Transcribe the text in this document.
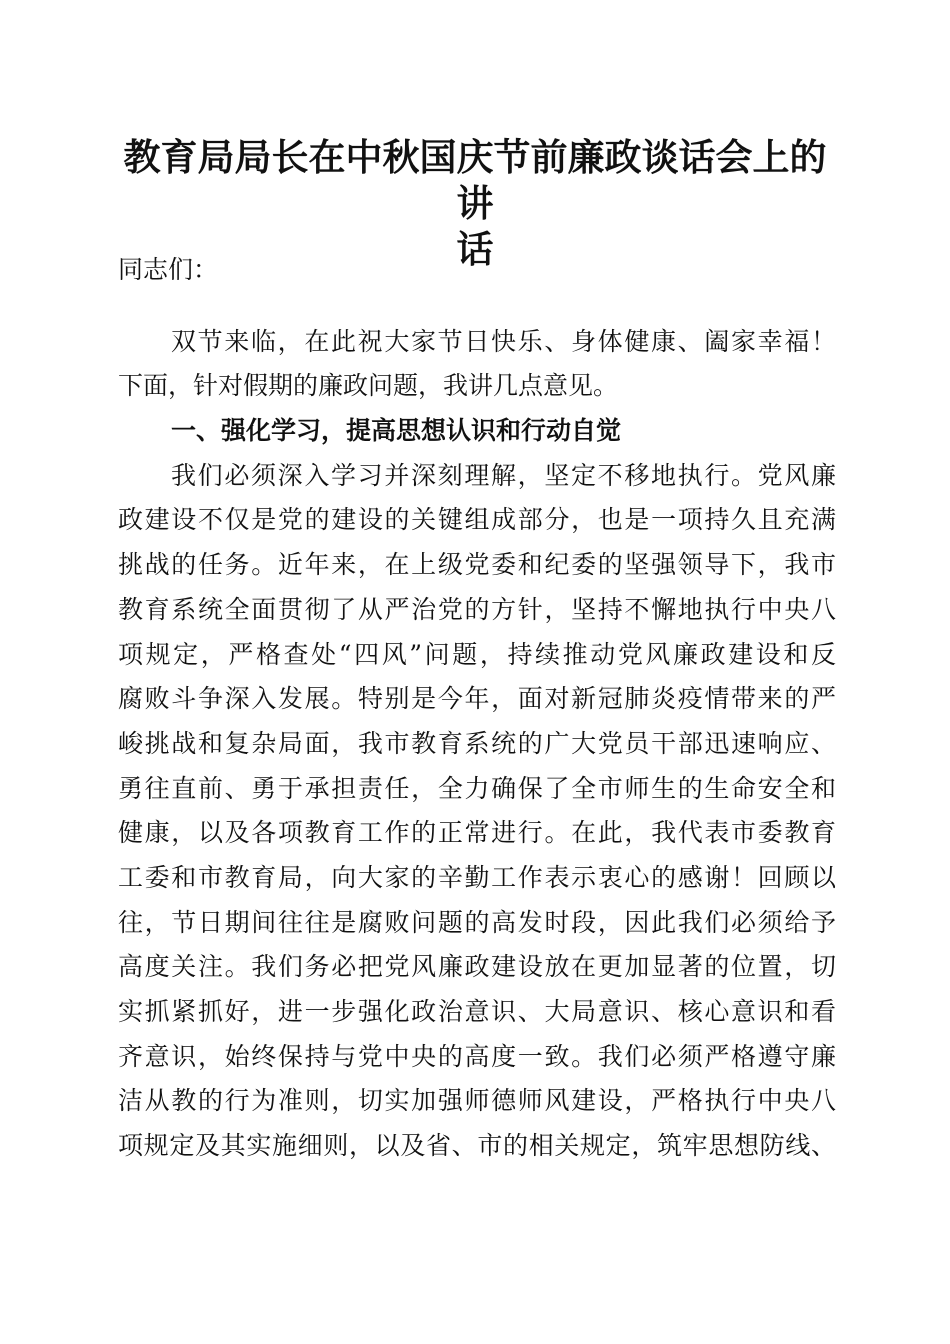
教育局局长在中秋国庆节前廉政谈话会上的讲
话
同志们：
双节来临，在此祝大家节日快乐、身体健康、阖家幸福！
下面，针对假期的廉政问题，我讲几点意见。
一、强化学习，提高思想认识和行动自觉
我们必须深入学习并深刻理解，坚定不移地执行。党风廉
政建设不仅是党的建设的关键组成部分，也是一项持久且充满
挑战的任务。近年来，在上级党委和纪委的坚强领导下，我市
教育系统全面贯彻了从严治党的方针，坚持不懈地执行中央八
项规定，严格查处“四风”问题，持续推动党风廉政建设和反
腐败斗争深入发展。特别是今年，面对新冠肺炎疫情带来的严
峻挑战和复杂局面，我市教育系统的广大党员干部迅速响应、
勇往直前、勇于承担责任，全力确保了全市师生的生命安全和
健康，以及各项教育工作的正常进行。在此，我代表市委教育
工委和市教育局，向大家的辛勤工作表示衷心的感谢！回顾以
往，节日期间往往是腐败问题的高发时段，因此我们必须给予
高度关注。我们务必把党风廉政建设放在更加显著的位置，切
实抓紧抓好，进一步强化政治意识、大局意识、核心意识和看
齐意识，始终保持与党中央的高度一致。我们必须严格遵守廉
洁从教的行为准则，切实加强师德师风建设，严格执行中央八
项规定及其实施细则，以及省、市的相关规定，筑牢思想防线、
